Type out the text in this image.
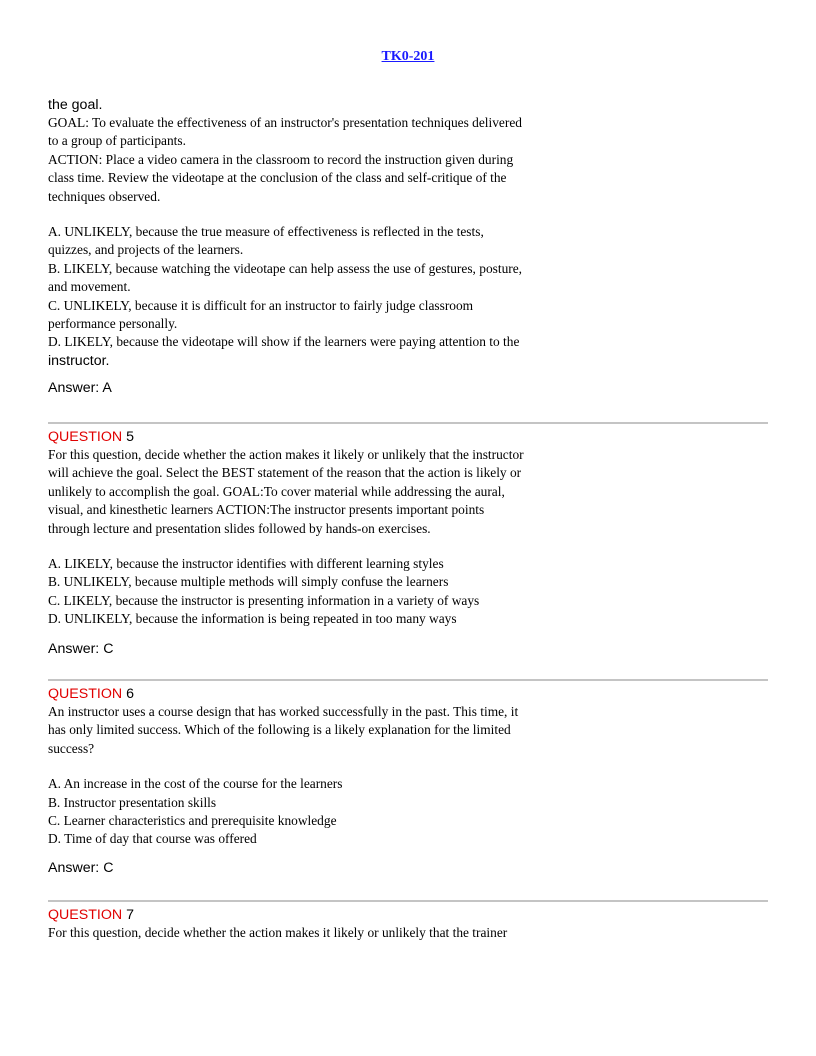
TK0-201
the goal.
GOAL: To evaluate the effectiveness of an instructor's presentation techniques delivered
to a group of participants.
ACTION: Place a video camera in the classroom to record the instruction given during
class time. Review the videotape at the conclusion of the class and self-critique of the
techniques observed.
A. UNLIKELY, because the true measure of effectiveness is reflected in the tests,
quizzes, and projects of the learners.
B. LIKELY, because watching the videotape can help assess the use of gestures, posture,
and movement.
C. UNLIKELY, because it is difficult for an instructor to fairly judge classroom
performance personally.
D. LIKELY, because the videotape will show if the learners were paying attention to the
instructor.
Answer: A
QUESTION 5
For this question, decide whether the action makes it likely or unlikely that the instructor
will achieve the goal. Select the BEST statement of the reason that the action is likely or
unlikely to accomplish the goal. GOAL:To cover material while addressing the aural,
visual, and kinesthetic learners ACTION:The instructor presents important points
through lecture and presentation slides followed by hands-on exercises.
A. LIKELY, because the instructor identifies with different learning styles
B. UNLIKELY, because multiple methods will simply confuse the learners
C. LIKELY, because the instructor is presenting information in a variety of ways
D. UNLIKELY, because the information is being repeated in too many ways
Answer: C
QUESTION 6
An instructor uses a course design that has worked successfully in the past. This time, it
has only limited success. Which of the following is a likely explanation for the limited
success?
A. An increase in the cost of the course for the learners
B. Instructor presentation skills
C. Learner characteristics and prerequisite knowledge
D. Time of day that course was offered
Answer: C
QUESTION 7
For this question, decide whether the action makes it likely or unlikely that the trainer
